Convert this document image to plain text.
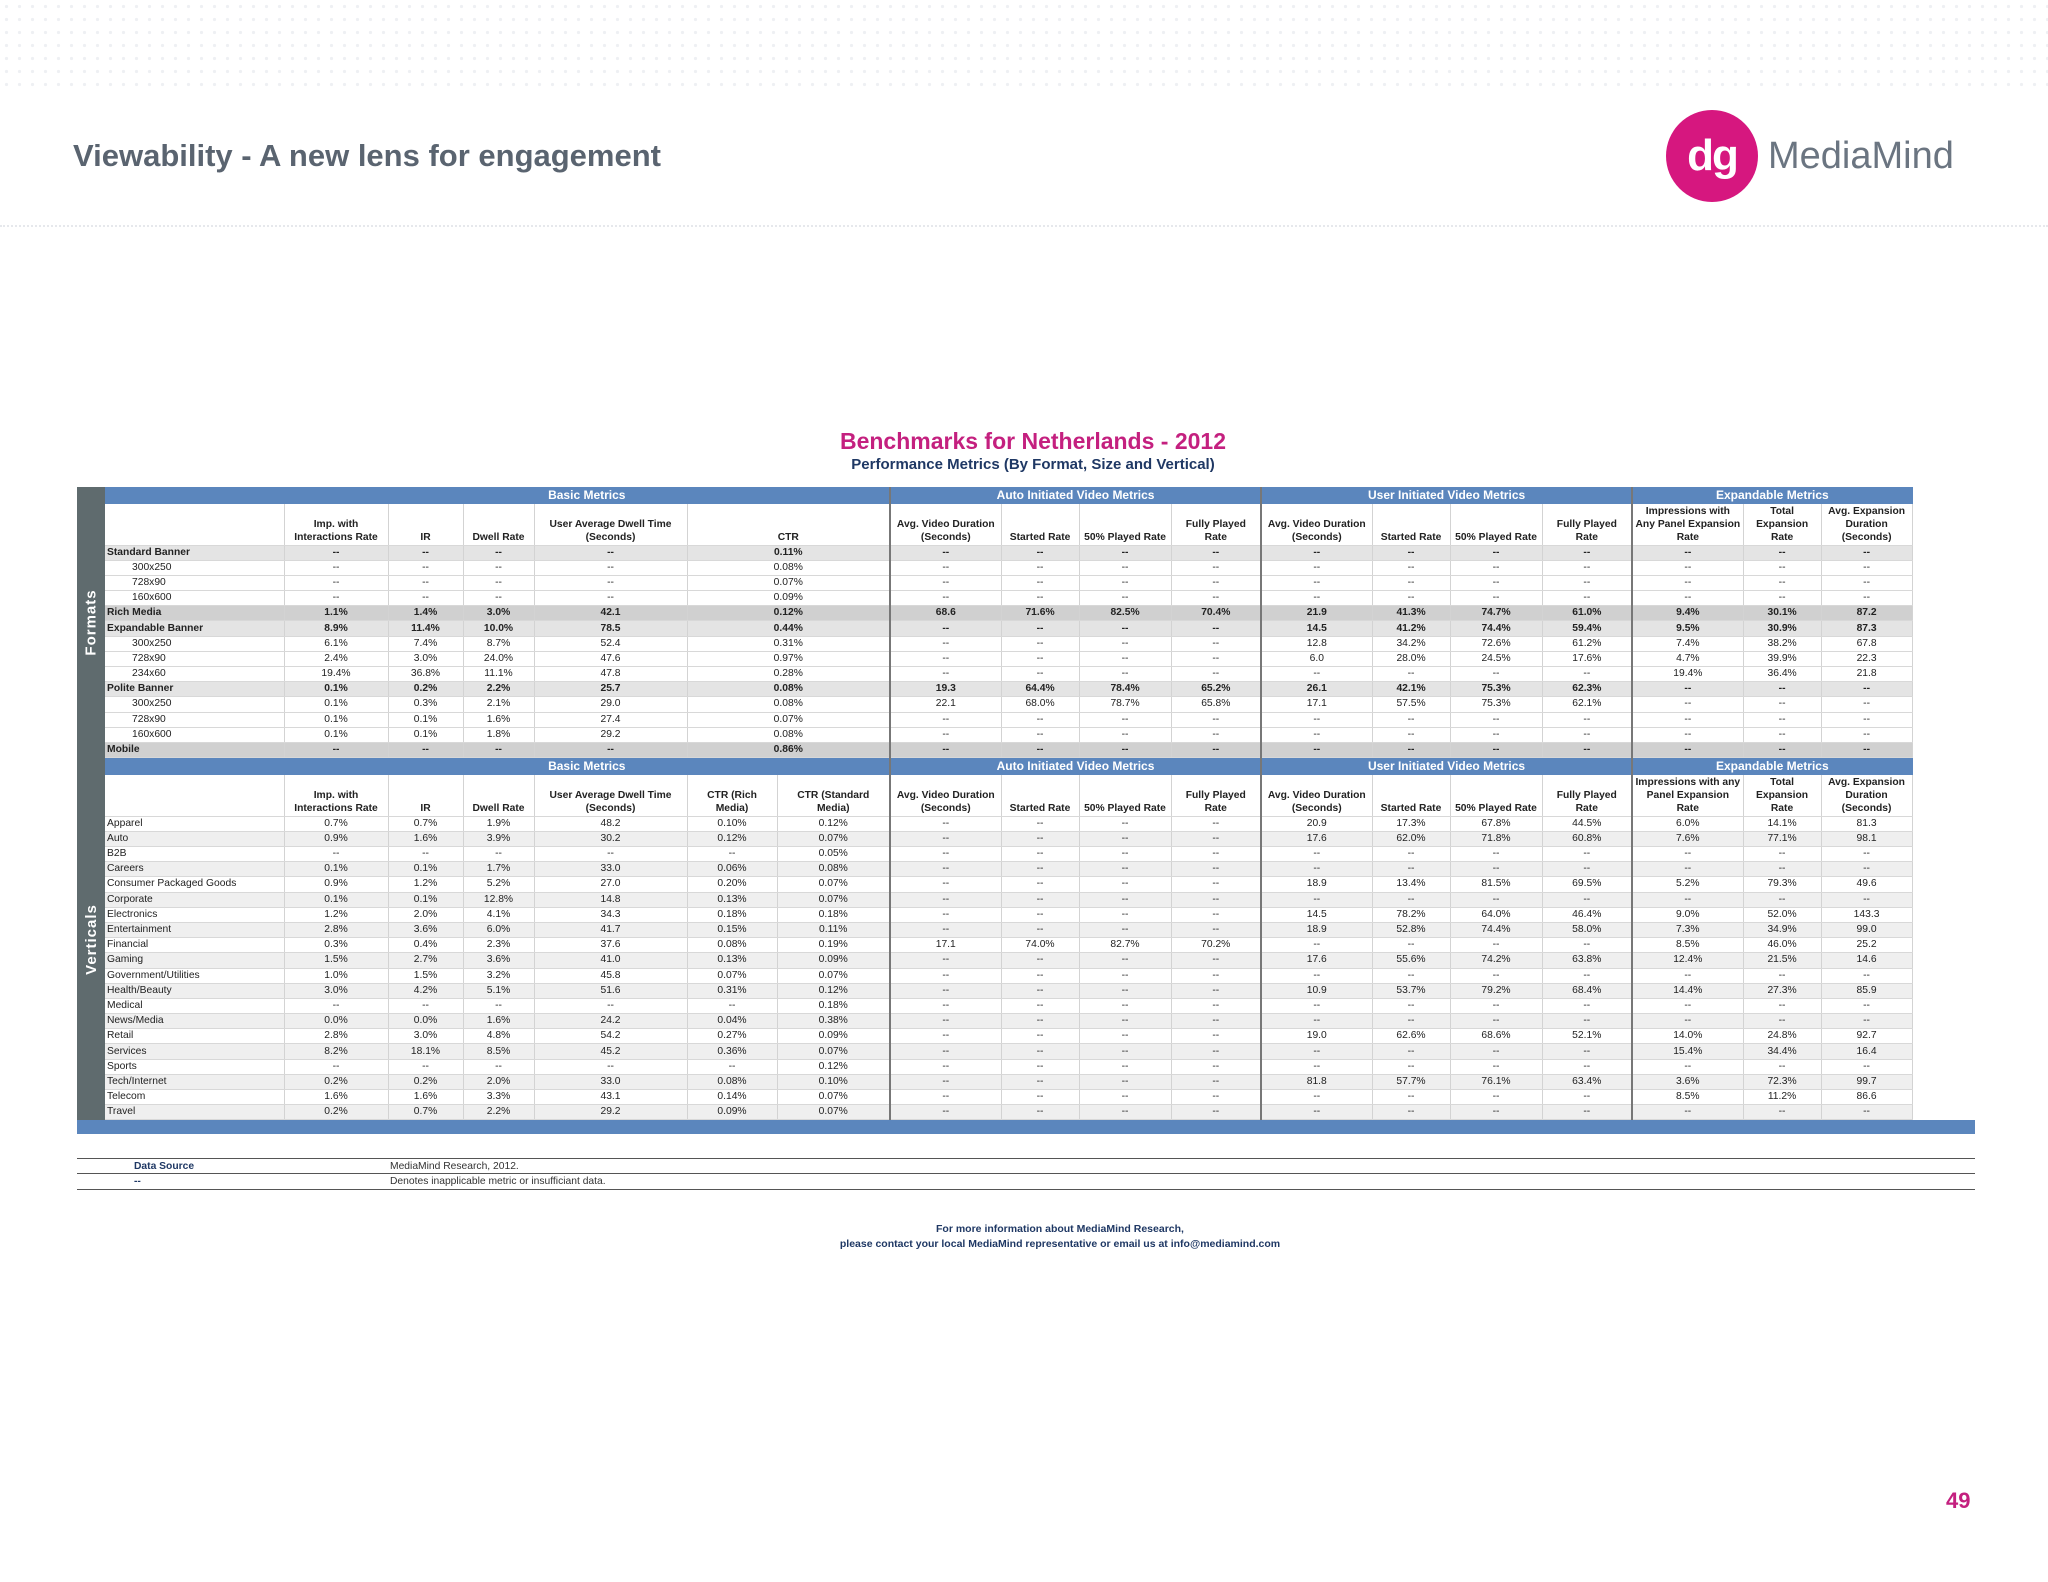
Viewability - A new lens for engagement	dg MediaMind
Benchmarks for Netherlands - 2012
Performance Metrics (By Format, Size and Vertical)
Formats
	Basic Metrics					Auto Initiated Video Metrics				User Initiated Video Metrics				Expandable Metrics		
	Imp. with Interactions Rate	IR	Dwell Rate	User Average Dwell Time (Seconds)	CTR	Avg. Video Duration (Seconds)	Started Rate	50% Played Rate	Fully Played Rate	Avg. Video Duration (Seconds)	Started Rate	50% Played Rate	Fully Played Rate	Impressions with Any Panel Expansion Rate	Total Expansion Rate	Avg. Expansion Duration (Seconds)
Standard Banner	--	--	--	--	0.11%	--	--	--	--	--	--	--	--	--	--	--
300x250	--	--	--	--	0.08%	--	--	--	--	--	--	--	--	--	--	--
728x90	--	--	--	--	0.07%	--	--	--	--	--	--	--	--	--	--	--
160x600	--	--	--	--	0.09%	--	--	--	--	--	--	--	--	--	--	--
Rich Media	1.1%	1.4%	3.0%	42.1	0.12%	68.6	71.6%	82.5%	70.4%	21.9	41.3%	74.7%	61.0%	9.4%	30.1%	87.2
Expandable Banner	8.9%	11.4%	10.0%	78.5	0.44%	--	--	--	--	14.5	41.2%	74.4%	59.4%	9.5%	30.9%	87.3
300x250	6.1%	7.4%	8.7%	52.4	0.31%	--	--	--	--	12.8	34.2%	72.6%	61.2%	7.4%	38.2%	67.8
728x90	2.4%	3.0%	24.0%	47.6	0.97%	--	--	--	--	6.0	28.0%	24.5%	17.6%	4.7%	39.9%	22.3
234x60	19.4%	36.8%	11.1%	47.8	0.28%	--	--	--	--	--	--	--	--	19.4%	36.4%	21.8
Polite Banner	0.1%	0.2%	2.2%	25.7	0.08%	19.3	64.4%	78.4%	65.2%	26.1	42.1%	75.3%	62.3%	--	--	--
300x250	0.1%	0.3%	2.1%	29.0	0.08%	22.1	68.0%	78.7%	65.8%	17.1	57.5%	75.3%	62.1%	--	--	--
728x90	0.1%	0.1%	1.6%	27.4	0.07%	--	--	--	--	--	--	--	--	--	--	--
160x600	0.1%	0.1%	1.8%	29.2	0.08%	--	--	--	--	--	--	--	--	--	--	--
Mobile	--	--	--	--	0.86%	--	--	--	--	--	--	--	--	--	--	--
Verticals
	Basic Metrics						Auto Initiated Video Metrics				User Initiated Video Metrics				Expandable Metrics		
	Imp. with Interactions Rate	IR	Dwell Rate	User Average Dwell Time (Seconds)	CTR (Rich Media)	CTR (Standard Media)	Avg. Video Duration (Seconds)	Started Rate	50% Played Rate	Fully Played Rate	Avg. Video Duration (Seconds)	Started Rate	50% Played Rate	Fully Played Rate	Impressions with any Panel Expansion Rate	Total Expansion Rate	Avg. Expansion Duration (Seconds)
Apparel	0.7%	0.7%	1.9%	48.2	0.10%	0.12%	--	--	--	--	20.9	17.3%	67.8%	44.5%	6.0%	14.1%	81.3
Auto	0.9%	1.6%	3.9%	30.2	0.12%	0.07%	--	--	--	--	17.6	62.0%	71.8%	60.8%	7.6%	77.1%	98.1
B2B	--	--	--	--	--	0.05%	--	--	--	--	--	--	--	--	--	--	--
Careers	0.1%	0.1%	1.7%	33.0	0.06%	0.08%	--	--	--	--	--	--	--	--	--	--	--
Consumer Packaged Goods	0.9%	1.2%	5.2%	27.0	0.20%	0.07%	--	--	--	--	18.9	13.4%	81.5%	69.5%	5.2%	79.3%	49.6
Corporate	0.1%	0.1%	12.8%	14.8	0.13%	0.07%	--	--	--	--	--	--	--	--	--	--	--
Electronics	1.2%	2.0%	4.1%	34.3	0.18%	0.18%	--	--	--	--	14.5	78.2%	64.0%	46.4%	9.0%	52.0%	143.3
Entertainment	2.8%	3.6%	6.0%	41.7	0.15%	0.11%	--	--	--	--	18.9	52.8%	74.4%	58.0%	7.3%	34.9%	99.0
Financial	0.3%	0.4%	2.3%	37.6	0.08%	0.19%	17.1	74.0%	82.7%	70.2%	--	--	--	--	8.5%	46.0%	25.2
Gaming	1.5%	2.7%	3.6%	41.0	0.13%	0.09%	--	--	--	--	17.6	55.6%	74.2%	63.8%	12.4%	21.5%	14.6
Government/Utilities	1.0%	1.5%	3.2%	45.8	0.07%	0.07%	--	--	--	--	--	--	--	--	--	--	--
Health/Beauty	3.0%	4.2%	5.1%	51.6	0.31%	0.12%	--	--	--	--	10.9	53.7%	79.2%	68.4%	14.4%	27.3%	85.9
Medical	--	--	--	--	--	0.18%	--	--	--	--	--	--	--	--	--	--	--
News/Media	0.0%	0.0%	1.6%	24.2	0.04%	0.38%	--	--	--	--	--	--	--	--	--	--	--
Retail	2.8%	3.0%	4.8%	54.2	0.27%	0.09%	--	--	--	--	19.0	62.6%	68.6%	52.1%	14.0%	24.8%	92.7
Services	8.2%	18.1%	8.5%	45.2	0.36%	0.07%	--	--	--	--	--	--	--	--	15.4%	34.4%	16.4
Sports	--	--	--	--	--	0.12%	--	--	--	--	--	--	--	--	--	--	--
Tech/Internet	0.2%	0.2%	2.0%	33.0	0.08%	0.10%	--	--	--	--	81.8	57.7%	76.1%	63.4%	3.6%	72.3%	99.7
Telecom	1.6%	1.6%	3.3%	43.1	0.14%	0.07%	--	--	--	--	--	--	--	--	8.5%	11.2%	86.6
Travel	0.2%	0.7%	2.2%	29.2	0.09%	0.07%	--	--	--	--	--	--	--	--	--	--	--
Data Source	MediaMind Research, 2012.
--	Denotes inapplicable metric or insufficiant data.
For more information about MediaMind Research,
please contact your local MediaMind representative or email us at info@mediamind.com
49
